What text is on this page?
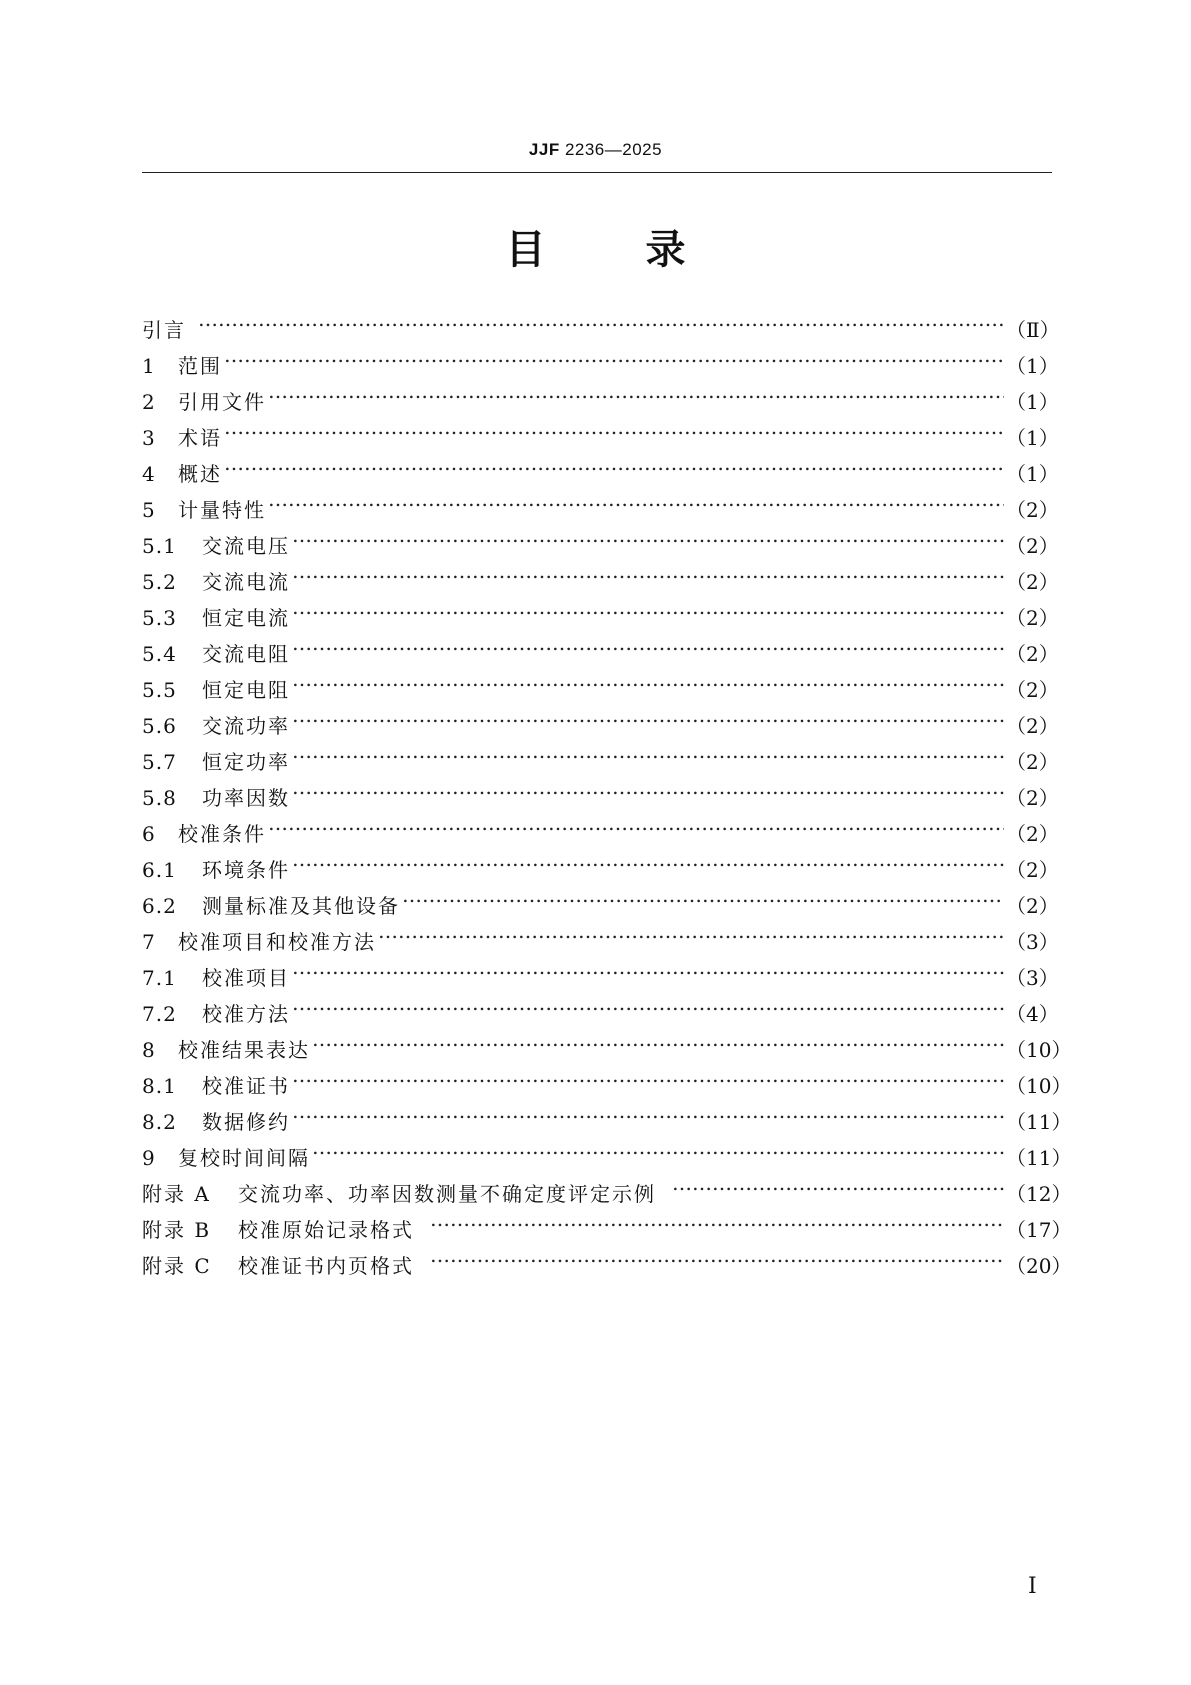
JJF 2236—2025
目	录
引言 …………………………………………………………………………………………………………………………………………………………………………………………………………………………………………	（Ⅱ）
1	范围 …………………………………………………………………………………………………………………………………………………………………………………………………………………………………………	（1）
2	引用文件 …………………………………………………………………………………………………………………………………………………………………………………………………………………………………………	（1）
3	术语 …………………………………………………………………………………………………………………………………………………………………………………………………………………………………………	（1）
4	概述 …………………………………………………………………………………………………………………………………………………………………………………………………………………………………………	（1）
5	计量特性 …………………………………………………………………………………………………………………………………………………………………………………………………………………………………………	（2）
5.1	交流电压 …………………………………………………………………………………………………………………………………………………………………………………………………………………………………………	（2）
5.2	交流电流 …………………………………………………………………………………………………………………………………………………………………………………………………………………………………………	（2）
5.3	恒定电流 …………………………………………………………………………………………………………………………………………………………………………………………………………………………………………	（2）
5.4	交流电阻 …………………………………………………………………………………………………………………………………………………………………………………………………………………………………………	（2）
5.5	恒定电阻 …………………………………………………………………………………………………………………………………………………………………………………………………………………………………………	（2）
5.6	交流功率 …………………………………………………………………………………………………………………………………………………………………………………………………………………………………………	（2）
5.7	恒定功率 …………………………………………………………………………………………………………………………………………………………………………………………………………………………………………	（2）
5.8	功率因数 …………………………………………………………………………………………………………………………………………………………………………………………………………………………………………	（2）
6	校准条件 …………………………………………………………………………………………………………………………………………………………………………………………………………………………………………	（2）
6.1	环境条件 …………………………………………………………………………………………………………………………………………………………………………………………………………………………………………	（2）
6.2	测量标准及其他设备 …………………………………………………………………………………………………………………………………………………………………………………………………………………………………………	（2）
7	校准项目和校准方法 …………………………………………………………………………………………………………………………………………………………………………………………………………………………………………	（3）
7.1	校准项目 …………………………………………………………………………………………………………………………………………………………………………………………………………………………………………	（3）
7.2	校准方法 …………………………………………………………………………………………………………………………………………………………………………………………………………………………………………	（4）
8	校准结果表达 …………………………………………………………………………………………………………………………………………………………………………………………………………………………………………	（10）
8.1	校准证书 …………………………………………………………………………………………………………………………………………………………………………………………………………………………………………	（10）
8.2	数据修约 …………………………………………………………………………………………………………………………………………………………………………………………………………………………………………	（11）
9	复校时间间隔 …………………………………………………………………………………………………………………………………………………………………………………………………………………………………………	（11）
附录 A	交流功率、功率因数测量不确定度评定示例 …………………………………………………………………………………………………………………………………………………………………………………………………………………………………………	（12）
附录 B	校准原始记录格式 …………………………………………………………………………………………………………………………………………………………………………………………………………………………………………	（17）
附录 C	校准证书内页格式 …………………………………………………………………………………………………………………………………………………………………………………………………………………………………………	（20）
Ⅰ
